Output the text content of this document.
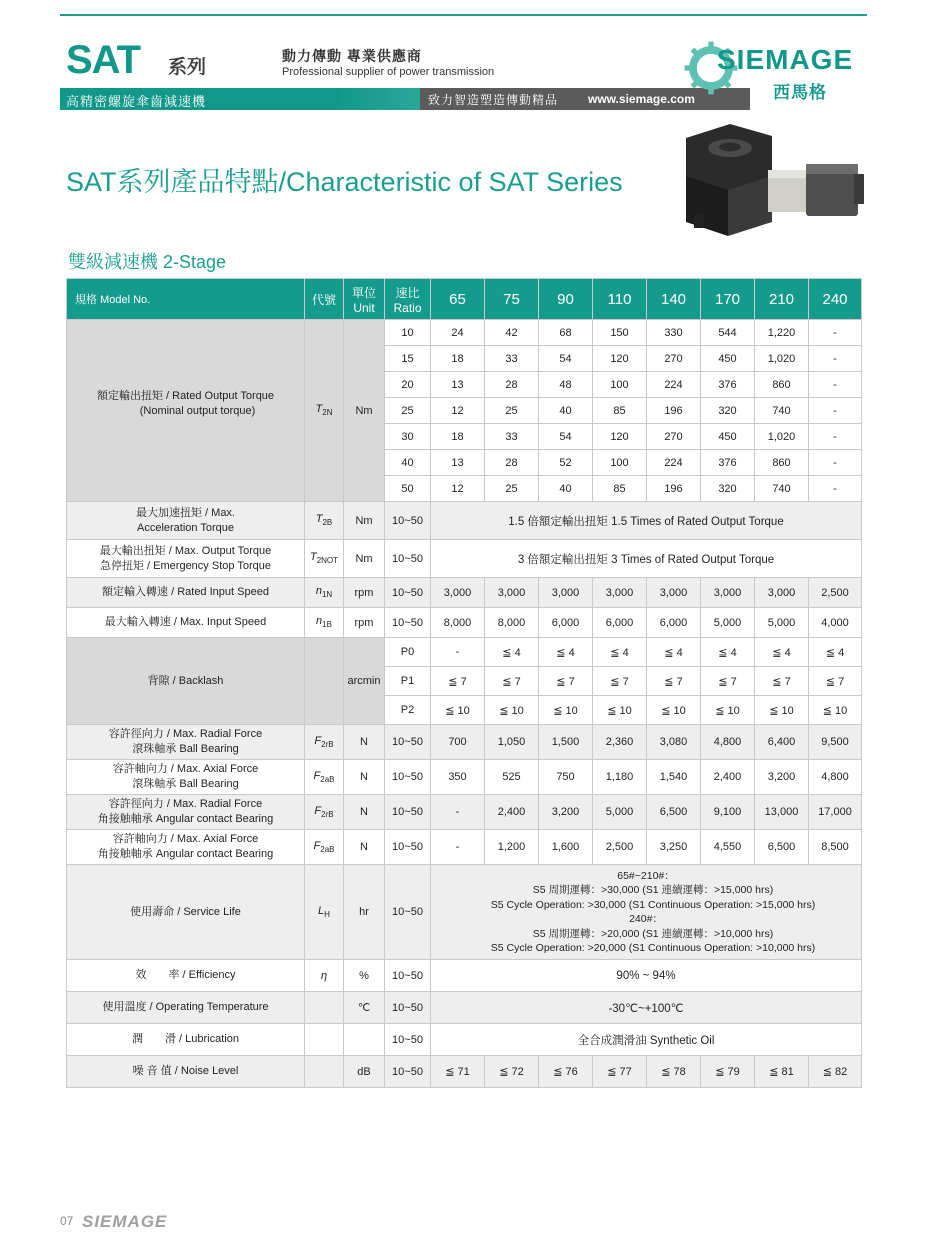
SAT 系列
動力傳動 專業供應商
Professional supplier of power transmission
高精密螺旋傘齒減速機	致力智造塑造傳動精品 www.siemage.com
SIEMAGE
西馬格
SAT系列產品特點/Characteristic of SAT Series
雙級減速機 2-Stage
規格 Model No.	代號	單位
Unit	速比
Ratio	65	75	90	110	140	170	210	240

額定輸出扭矩 / Rated Output Torque
(Nominal output torque)	$T_{2N}$	Nm	10	24	42	68	150	330	544	1,220	-
			15	18	33	54	120	270	450	1,020	-
			20	13	28	48	100	224	376	860	-
			25	12	25	40	85	196	320	740	-
			30	18	33	54	120	270	450	1,020	-
			40	13	28	52	100	224	376	860	-
			50	12	25	40	85	196	320	740	-
最大加速扭矩 / Max.
Acceleration Torque	$T_{2B}$	Nm	10~50	1.5 倍額定輸出扭矩 1.5 Times of Rated Output Torque							
最大輸出扭矩 / Max. Output Torque
急停扭矩 / Emergency Stop Torque	$T_{2NOT}$	Nm	10~50	3 倍額定輸出扭矩 3 Times of Rated Output Torque							
額定輸入轉速 / Rated Input Speed	$n_{1N}$	rpm	10~50	3,000	3,000	3,000	3,000	3,000	3,000	3,000	2,500
最大輸入轉速 / Max. Input Speed	$n_{1B}$	rpm	10~50	8,000	8,000	6,000	6,000	6,000	5,000	5,000	4,000
背隙 / Backlash		arcmin	P0	-	≦ 4	≦ 4	≦ 4	≦ 4	≦ 4	≦ 4	≦ 4
			P1	≦ 7	≦ 7	≦ 7	≦ 7	≦ 7	≦ 7	≦ 7	≦ 7
			P2	≦ 10	≦ 10	≦ 10	≦ 10	≦ 10	≦ 10	≦ 10	≦ 10
容許徑向力 / Max. Radial Force
滾珠軸承 Ball Bearing	$F_{2rB}$	N	10~50	700	1,050	1,500	2,360	3,080	4,800	6,400	9,500
容許軸向力 / Max. Axial Force
滾珠軸承 Ball Bearing	$F_{2aB}$	N	10~50	350	525	750	1,180	1,540	2,400	3,200	4,800
容許徑向力 / Max. Radial Force
角接触軸承 Angular contact Bearing	$F_{2rB}$	N	10~50	-	2,400	3,200	5,000	6,500	9,100	13,000	17,000
容許軸向力 / Max. Axial Force
角接触軸承 Angular contact Bearing	$F_{2aB}$	N	10~50	-	1,200	1,600	2,500	3,250	4,550	6,500	8,500
使用壽命 / Service Life	$L_H$	hr	10~50	65#~210#：

S5 周期運轉：>30,000 (S1 連續運轉：>15,000 hrs)
S5 Cycle Operation: >30,000 (S1 Continuous Operation: >15,000 hrs)
240#：

S5 周期運轉：>20,000 (S1 連續運轉：>10,000 hrs)
S5 Cycle Operation: >20,000 (S1 Continuous Operation: >10,000 hrs)

效　　率 / Efficiency	η	%	10~50	90% ~ 94%							
使用溫度 / Operating Temperature		℃	10~50	-30℃~+100℃							
潤　　滑 / Lubrication			10~50	全合成潤滑油 Synthetic Oil							
噪 音 值 / Noise Level		dB	10~50	≦ 71	≦ 72	≦ 76	≦ 77	≦ 78	≦ 79	≦ 81	≦ 82
07 SIEMAGE
